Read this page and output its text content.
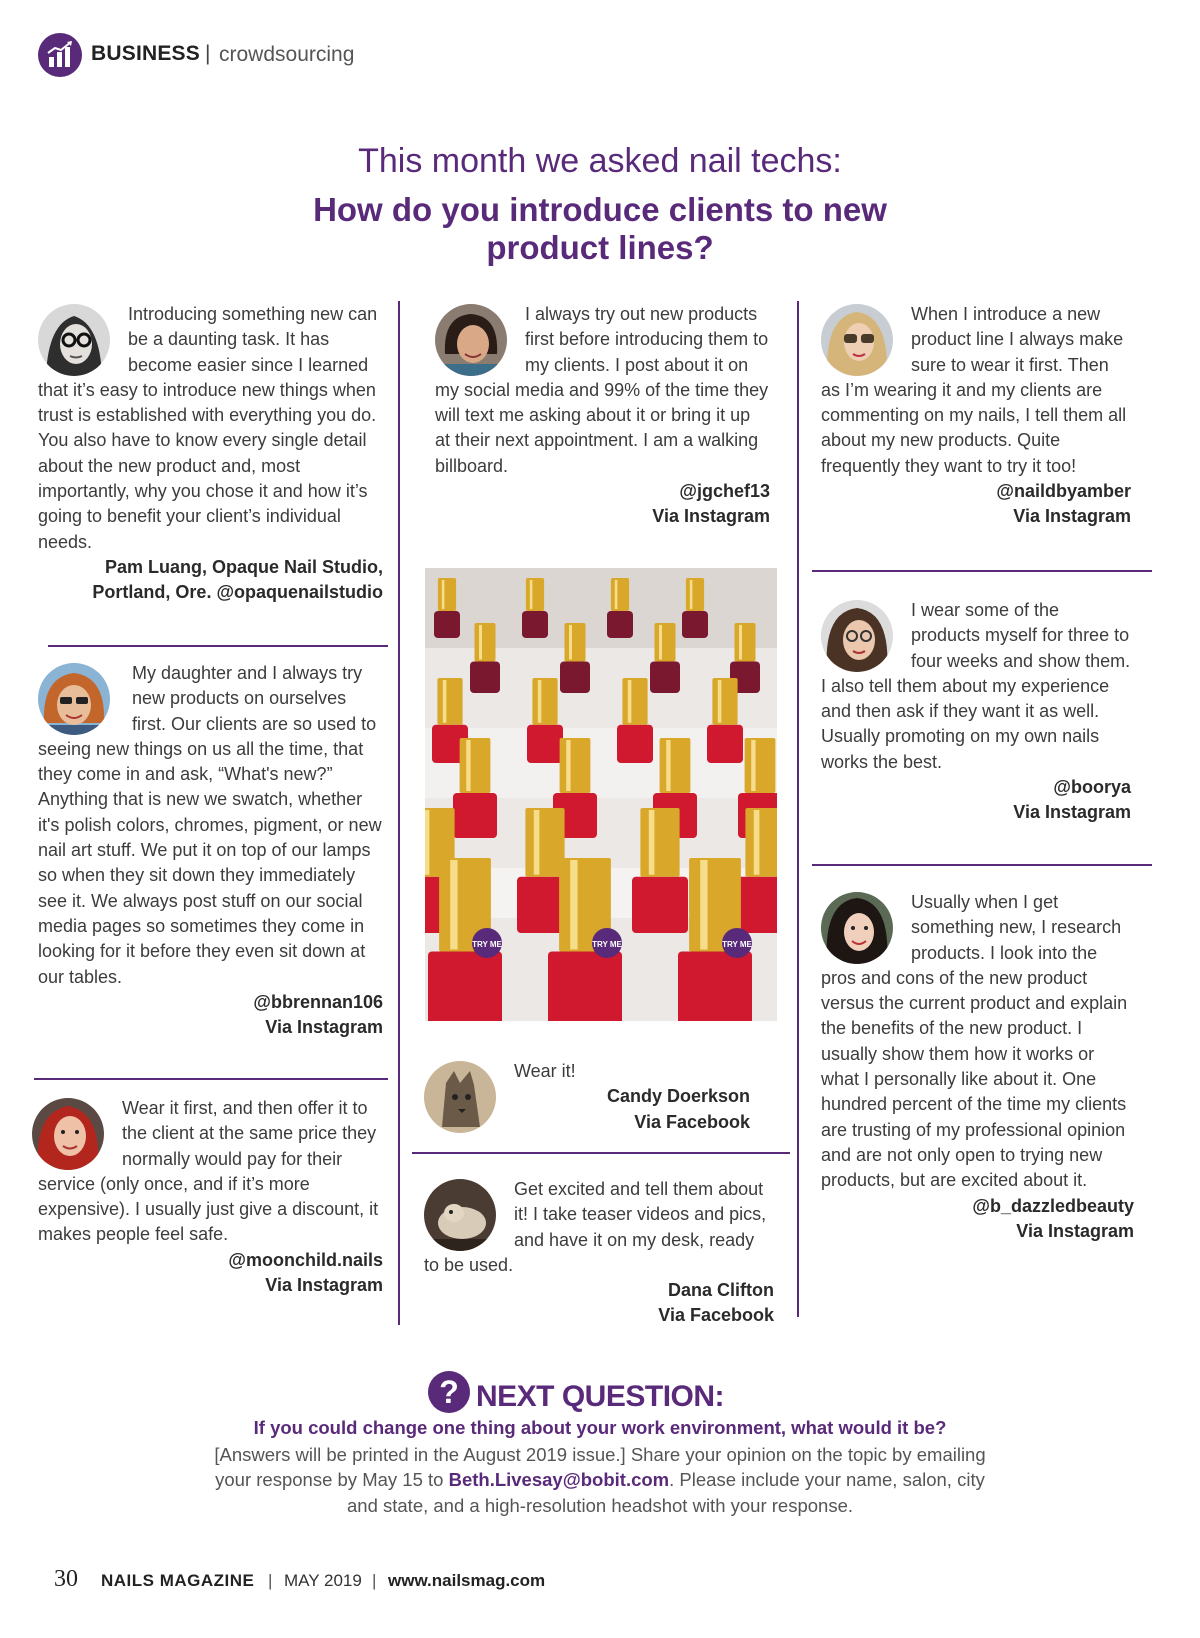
BUSINESS | crowdsourcing
This month we asked nail techs:
How do you introduce clients to new product lines?

Introducing something new can be a daunting task. It has become easier since I learned that it’s easy to introduce new things when trust is established with everything you do. You also have to know every single detail about the new product and, most importantly, why you chose it and how it’s going to benefit your client’s individual needs.

Pam Luang, Opaque Nail Studio,
Portland, Ore. @opaquenailstudio

My daughter and I always try new products on ourselves first. Our clients are so used to seeing new things on us all the time, that they come in and ask, “What's new?” Anything that is new we swatch, whether it's polish colors, chromes, pigment, or new nail art stuff. We put it on top of our lamps so when they sit down they immediately see it. We always post stuff on our social media pages so sometimes they come in looking for it before they even sit down at our tables.

@bbrennan106
Via Instagram

Wear it first, and then offer it to the client at the same price they normally would pay for their service (only once, and if it’s more expensive). I usually just give a discount, it makes people feel safe.

@moonchild.nails
Via Instagram

I always try out new products first before introducing them to my clients. I post about it on my social media and 99% of the time they will text me asking about it or bring it up at their next appointment. I am a walking billboard.

@jgchef13
Via Instagram
TRY ME	TRY ME	TRY ME

Wear it!

Candy Doerkson
Via Facebook

Get excited and tell them about it! I take teaser videos and pics, and have it on my desk, ready to be used.

Dana Clifton
Via Facebook

When I introduce a new product line I always make sure to wear it first. Then as I’m wearing it and my clients are commenting on my nails, I tell them all about my new products. Quite frequently they want to try it too!

@naildbyamber
Via Instagram

I wear some of the products myself for three to four weeks and show them. I also tell them about my experience and then ask if they want it as well. Usually promoting on my own nails works the best.

@boorya
Via Instagram

Usually when I get something new, I research products. I look into the pros and cons of the new product versus the current product and explain the benefits of the new product. I usually show them how it works or what I personally like about it. One hundred percent of the time my clients are trusting of my professional opinion and are not only open to trying new products, but are excited about it.

@b_dazzledbeauty
Via Instagram
? NEXT QUESTION:
If you could change one thing about your work environment, what would it be?
[Answers will be printed in the August 2019 issue.] Share your opinion on the topic by emailing your response by May 15 to Beth.Livesay@bobit.com. Please include your name, salon, city and state, and a high-resolution headshot with your response.
30 NAILS MAGAZINE | MAY 2019 | www.nailsmag.com
